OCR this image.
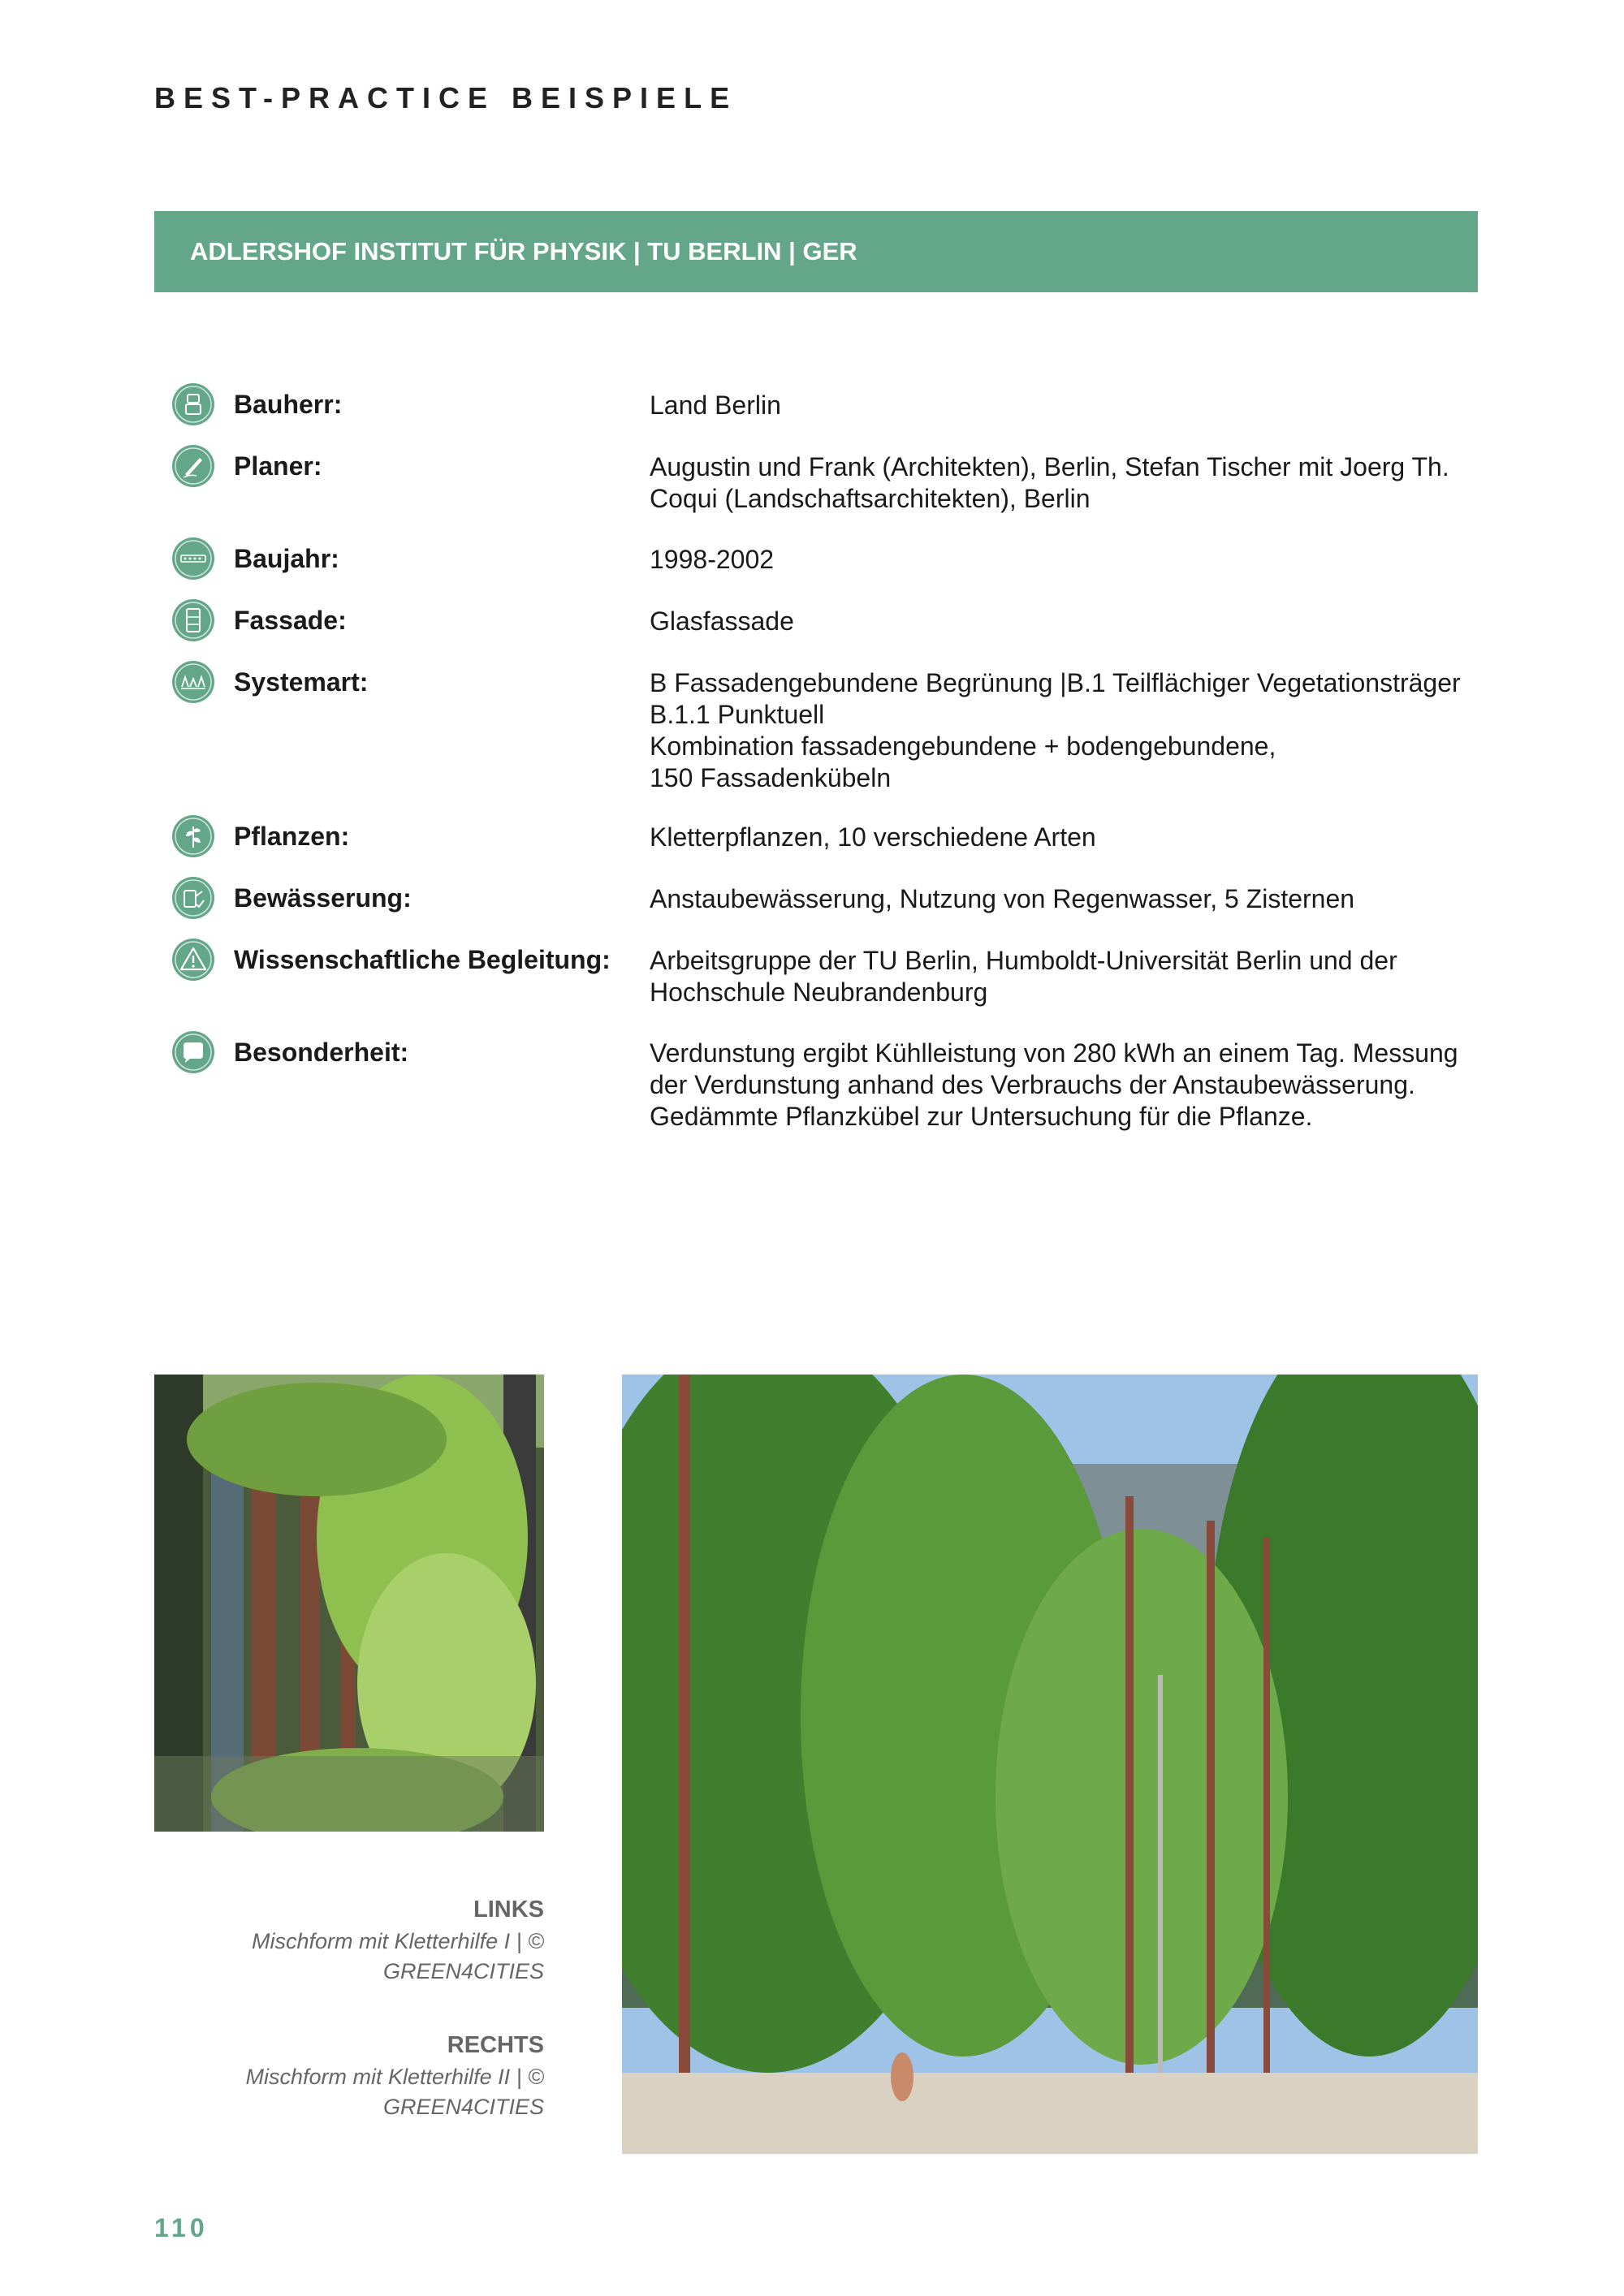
BEST-PRACTICE BEISPIELE
ADLERSHOF INSTITUT FÜR PHYSIK | TU BERLIN | GER
Bauherr:	Land Berlin
Planer:	Augustin und Frank (Architekten), Berlin, Stefan Tischer mit Joerg Th.
Coqui (Landschaftsarchitekten), Berlin
Baujahr:	1998-2002
Fassade:	Glasfassade
Systemart:	B Fassadengebundene Begrünung |B.1 Teilflächiger Vegetationsträger
B.1.1 Punktuell
Kombination fassadengebundene + bodengebundene,
150 Fassadenkübeln
Pflanzen:	Kletterpflanzen, 10 verschiedene Arten
Bewässerung:	Anstaubewässerung, Nutzung von Regenwasser, 5 Zisternen
Wissenschaftliche Begleitung: Arbeitsgruppe der TU Berlin, Humboldt-Universität Berlin und der
Hochschule Neubrandenburg
Besonderheit:	Verdunstung ergibt Kühlleistung von 280 kWh an einem Tag. Messung
der Verdunstung anhand des Verbrauchs der Anstaubewässerung.
Gedämmte Pflanzkübel zur Untersuchung für die Pflanze.
LINKS
Mischform mit Kletterhilfe I | ©
GREEN4CITIES
RECHTS
Mischform mit Kletterhilfe II | ©
GREEN4CITIES
110
